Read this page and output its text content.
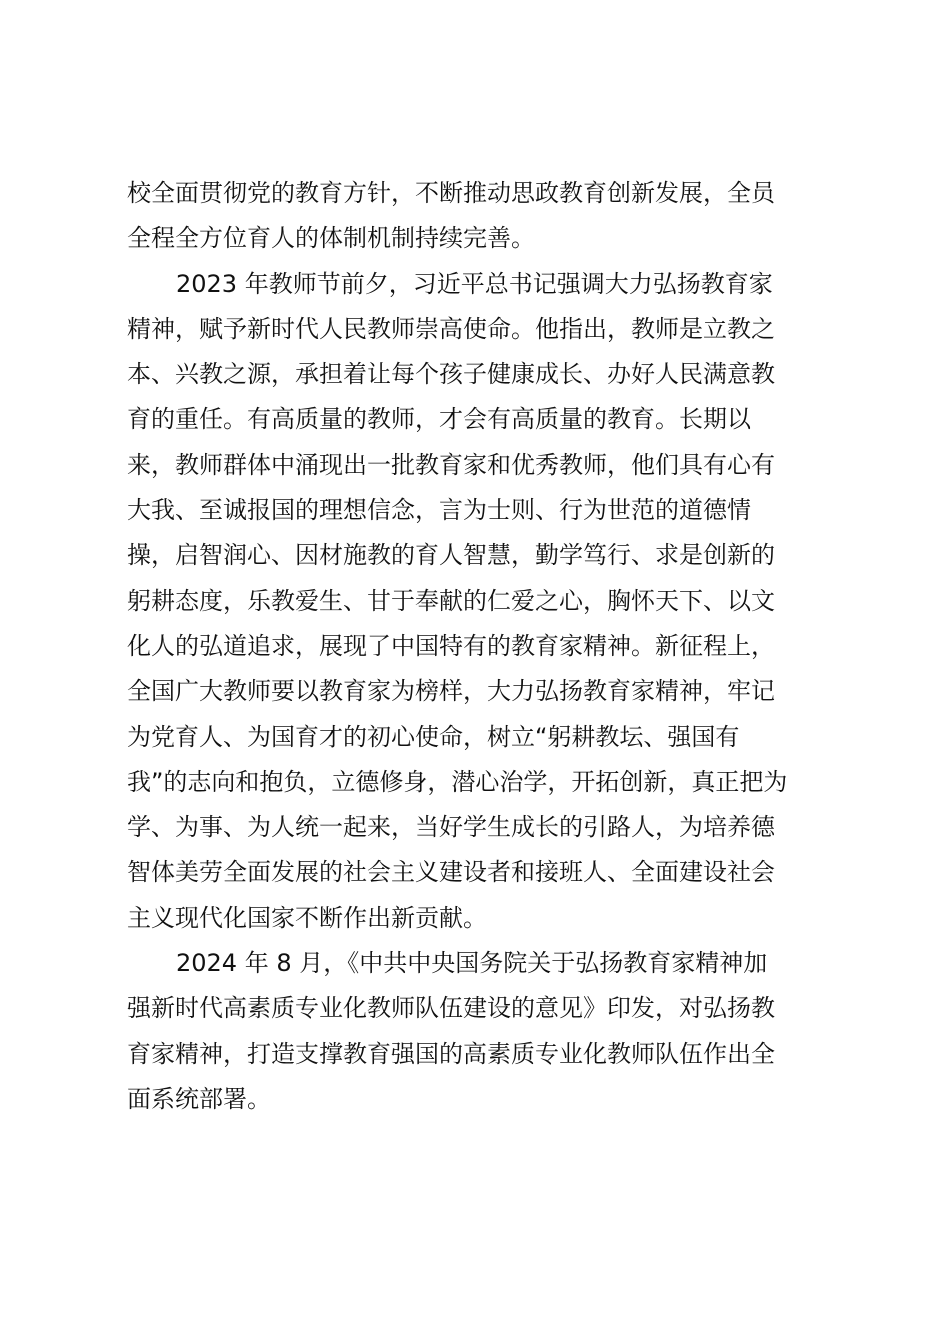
校全面贯彻党的教育方针，不断推动思政教育创新发展，全员
全程全方位育人的体制机制持续完善。
2023 年教师节前夕，习近平总书记强调大力弘扬教育家
精神，赋予新时代人民教师崇高使命。他指出，教师是立教之
本、兴教之源，承担着让每个孩子健康成长、办好人民满意教
育的重任。有高质量的教师，才会有高质量的教育。长期以
来，教师群体中涌现出一批教育家和优秀教师，他们具有心有
大我、至诚报国的理想信念，言为士则、行为世范的道德情
操，启智润心、因材施教的育人智慧，勤学笃行、求是创新的
躬耕态度，乐教爱生、甘于奉献的仁爱之心，胸怀天下、以文
化人的弘道追求，展现了中国特有的教育家精神。新征程上，
全国广大教师要以教育家为榜样，大力弘扬教育家精神，牢记
为党育人、为国育才的初心使命，树立“躬耕教坛、强国有
我”的志向和抱负，立德修身，潜心治学，开拓创新，真正把为
学、为事、为人统一起来，当好学生成长的引路人，为培养德
智体美劳全面发展的社会主义建设者和接班人、全面建设社会
主义现代化国家不断作出新贡献。
2024 年 8 月，《中共中央国务院关于弘扬教育家精神加
强新时代高素质专业化教师队伍建设的意见》印发，对弘扬教
育家精神，打造支撑教育强国的高素质专业化教师队伍作出全
面系统部署。
